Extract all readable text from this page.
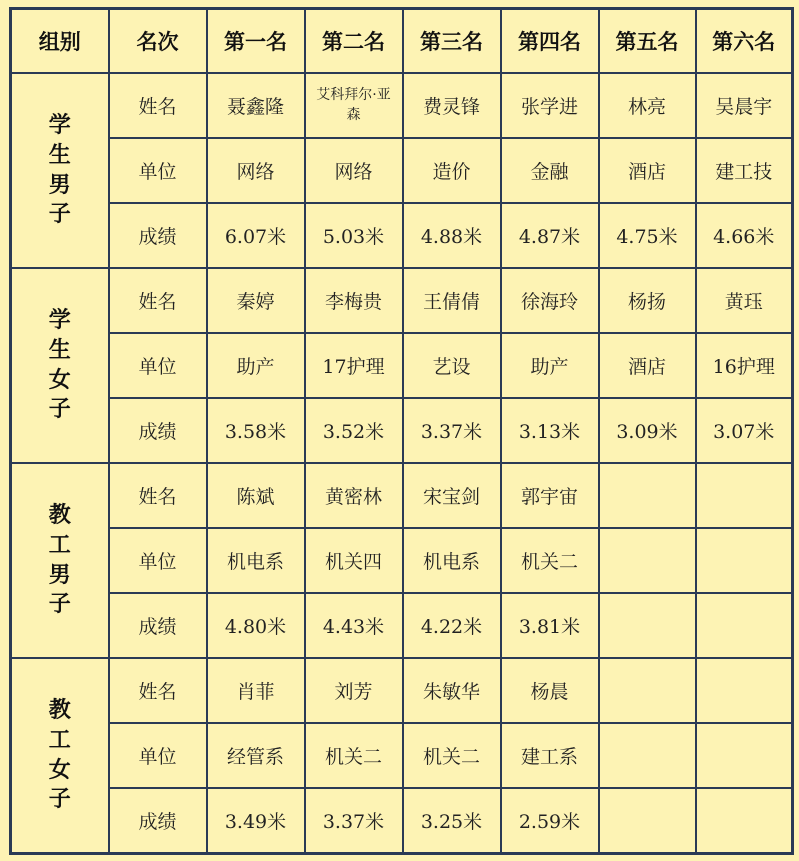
组别	名次	第一名	第二名	第三名	第四名	第五名	第六名
学生男子	姓名	聂鑫隆	艾科拜尔·亚森	费灵锋	张学进	林亮	吴晨宇
	单位	网络	网络	造价	金融	酒店	建工技
	成绩	6.07米	5.03米	4.88米	4.87米	4.75米	4.66米
学生女子	姓名	秦婷	李梅贵	王倩倩	徐海玲	杨扬	黄珏
	单位	助产	17护理	艺设	助产	酒店	16护理
	成绩	3.58米	3.52米	3.37米	3.13米	3.09米	3.07米
教工男子	姓名	陈斌	黄密林	宋宝剑	郭宇宙		
	单位	机电系	机关四	机电系	机关二		
	成绩	4.80米	4.43米	4.22米	3.81米		
教工女子	姓名	肖菲	刘芳	朱敏华	杨晨		
	单位	经管系	机关二	机关二	建工系		
	成绩	3.49米	3.37米	3.25米	2.59米		
